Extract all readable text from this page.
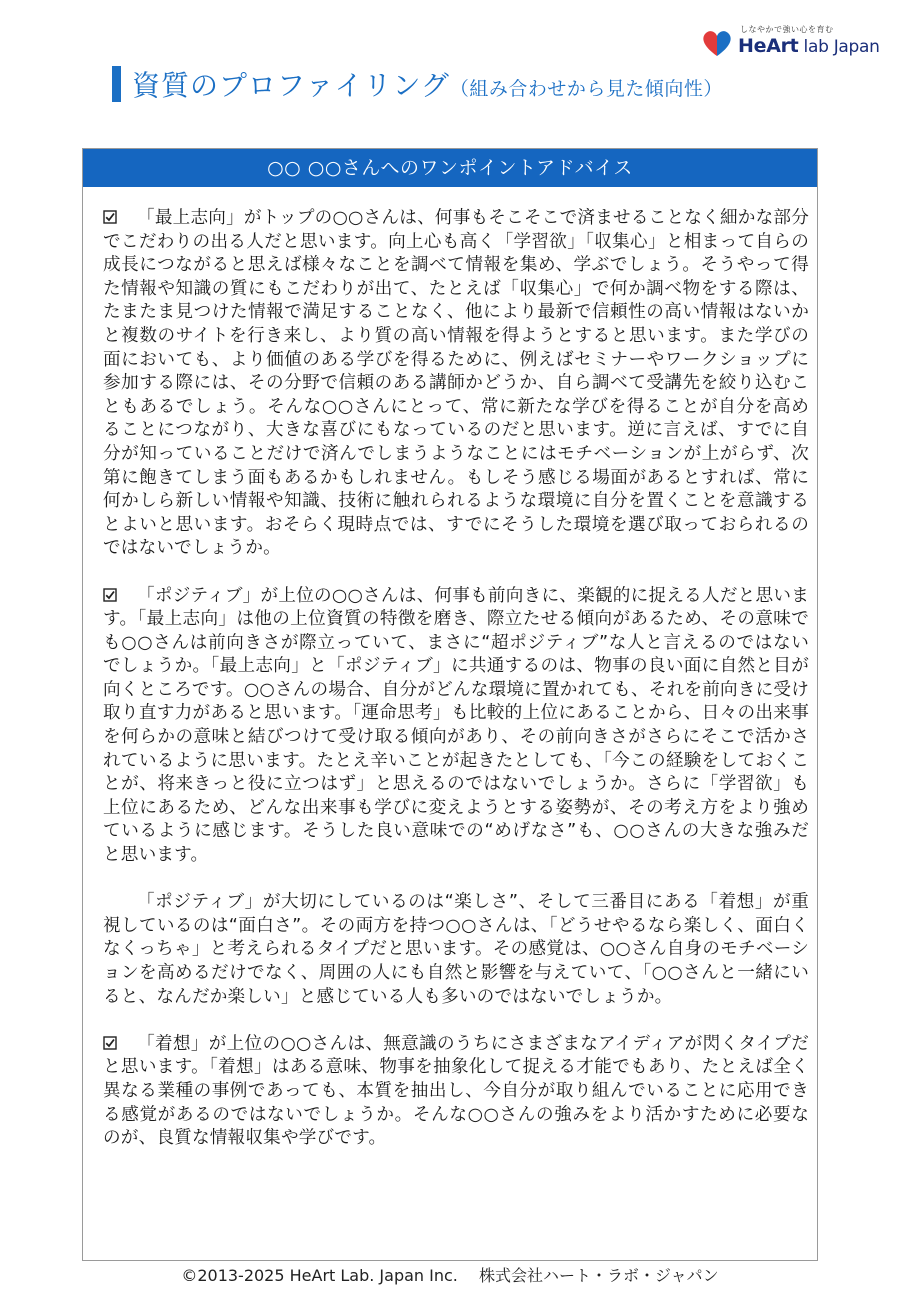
しなやかで強い心を育む
HeArt lab Japan
資質のプロファイリング（組み合わせから見た傾向性）
○○ ○○さんへのワンポイントアドバイス

「最上志向」がトップの○○さんは、何事もそこそこで済ませることなく細かな部分でこだわりの出る人だと思います。向上心も高く「学習欲」「収集心」と相まって自らの成長につながると思えば様々なことを調べて情報を集め、学ぶでしょう。そうやって得た情報や知識の質にもこだわりが出て、たとえば「収集心」で何か調べ物をする際は、たまたま見つけた情報で満足することなく、他により最新で信頼性の高い情報はないかと複数のサイトを行き来し、より質の高い情報を得ようとすると思います。また学びの面においても、より価値のある学びを得るために、例えばセミナーやワークショップに参加する際には、その分野で信頼のある講師かどうか、自ら調べて受講先を絞り込むこともあるでしょう。そんな○○さんにとって、常に新たな学びを得ることが自分を高めることにつながり、大きな喜びにもなっているのだと思います。逆に言えば、すでに自分が知っていることだけで済んでしまうようなことにはモチベーションが上がらず、次第に飽きてしまう面もあるかもしれません。もしそう感じる場面があるとすれば、常に何かしら新しい情報や知識、技術に触れられるような環境に自分を置くことを意識するとよいと思います。おそらく現時点では、すでにそうした環境を選び取っておられるのではないでしょうか。

「ポジティブ」が上位の○○さんは、何事も前向きに、楽観的に捉える人だと思います。「最上志向」は他の上位資質の特徴を磨き、際立たせる傾向があるため、その意味でも○○さんは前向きさが際立っていて、まさに“超ポジティブ”な人と言えるのではないでしょうか。「最上志向」と「ポジティブ」に共通するのは、物事の良い面に自然と目が向くところです。○○さんの場合、自分がどんな環境に置かれても、それを前向きに受け取り直す力があると思います。「運命思考」も比較的上位にあることから、日々の出来事を何らかの意味と結びつけて受け取る傾向があり、その前向きさがさらにそこで活かされているように思います。たとえ辛いことが起きたとしても、「今この経験をしておくことが、将来きっと役に立つはず」と思えるのではないでしょうか。さらに「学習欲」も上位にあるため、どんな出来事も学びに変えようとする姿勢が、その考え方をより強めているように感じます。そうした良い意味での“めげなさ”も、○○さんの大きな強みだと思います。

「ポジティブ」が大切にしているのは“楽しさ”、そして三番目にある「着想」が重視しているのは“面白さ”。その両方を持つ○○さんは、「どうせやるなら楽しく、面白くなくっちゃ」と考えられるタイプだと思います。その感覚は、○○さん自身のモチベーションを高めるだけでなく、周囲の人にも自然と影響を与えていて、「○○さんと一緒にいると、なんだか楽しい」と感じている人も多いのではないでしょうか。

「着想」が上位の○○さんは、無意識のうちにさまざまなアイディアが閃くタイプだと思います。「着想」はある意味、物事を抽象化して捉える才能でもあり、たとえば全く異なる業種の事例であっても、本質を抽出し、今自分が取り組んでいることに応用できる感覚があるのではないでしょうか。そんな○○さんの強みをより活かすために必要なのが、良質な情報収集や学びです。

©2013-2025 HeArt Lab. Japan Inc.　 株式会社ハート・ラボ・ジャパン
